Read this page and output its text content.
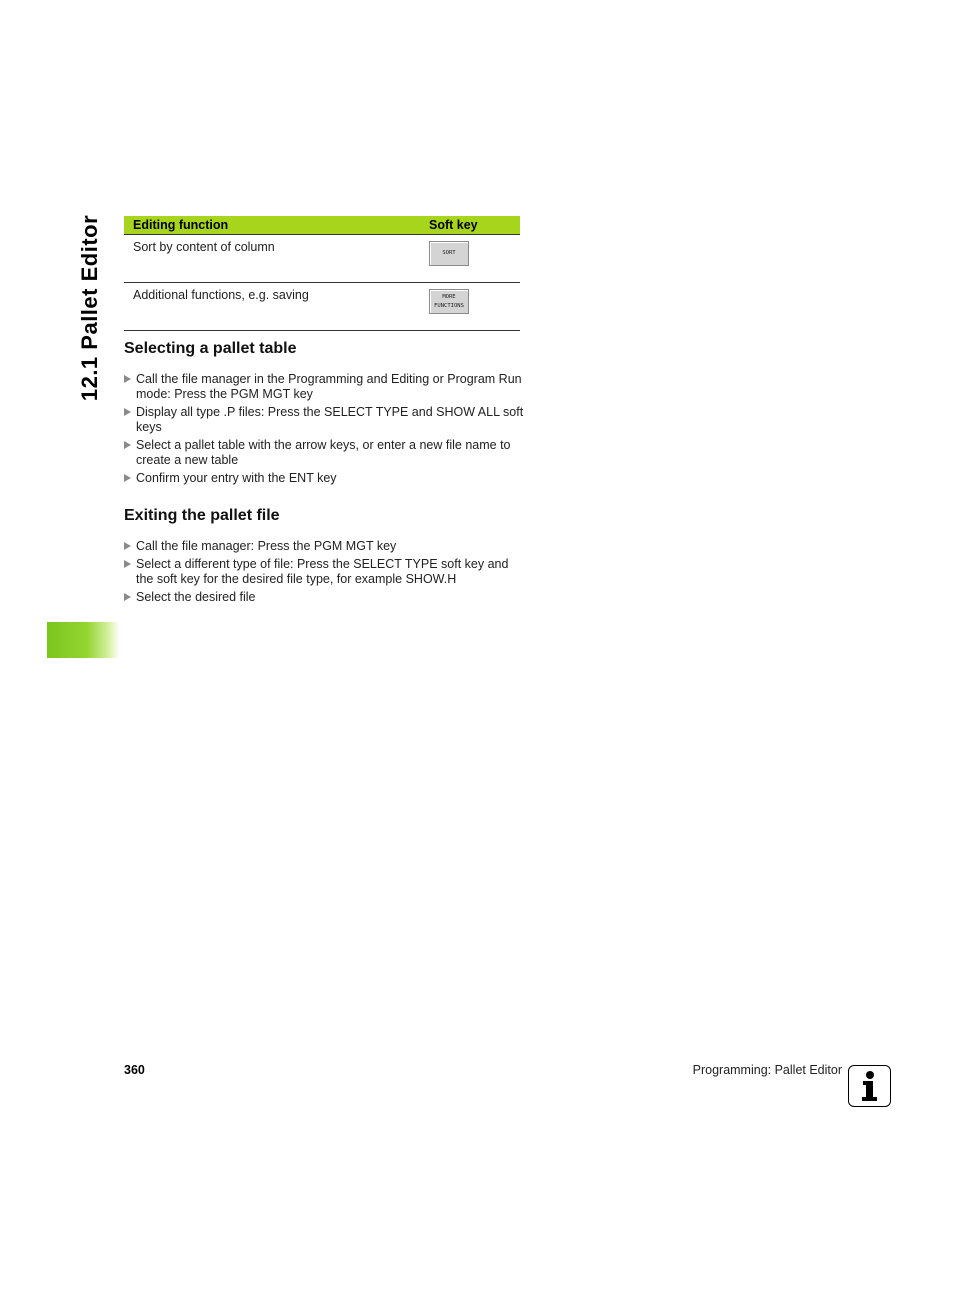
12.1 Pallet Editor Editing function	Soft key
Sort by content of column	SORT

Additional functions, e.g. saving	MORE
FUNCTIONS
Selecting a pallet table
Call the file manager in the Programming and Editing or Program Run mode: Press the PGM MGT key
Display all type .P files: Press the SELECT TYPE and SHOW ALL soft keys
Select a pallet table with the arrow keys, or enter a new file name to create a new table
Confirm your entry with the ENT key
Exiting the pallet file
Call the file manager: Press the PGM MGT key
Select a different type of file: Press the SELECT TYPE soft key and the soft key for the desired file type, for example SHOW.H
Select the desired file
360	Programming: Pallet Editor
